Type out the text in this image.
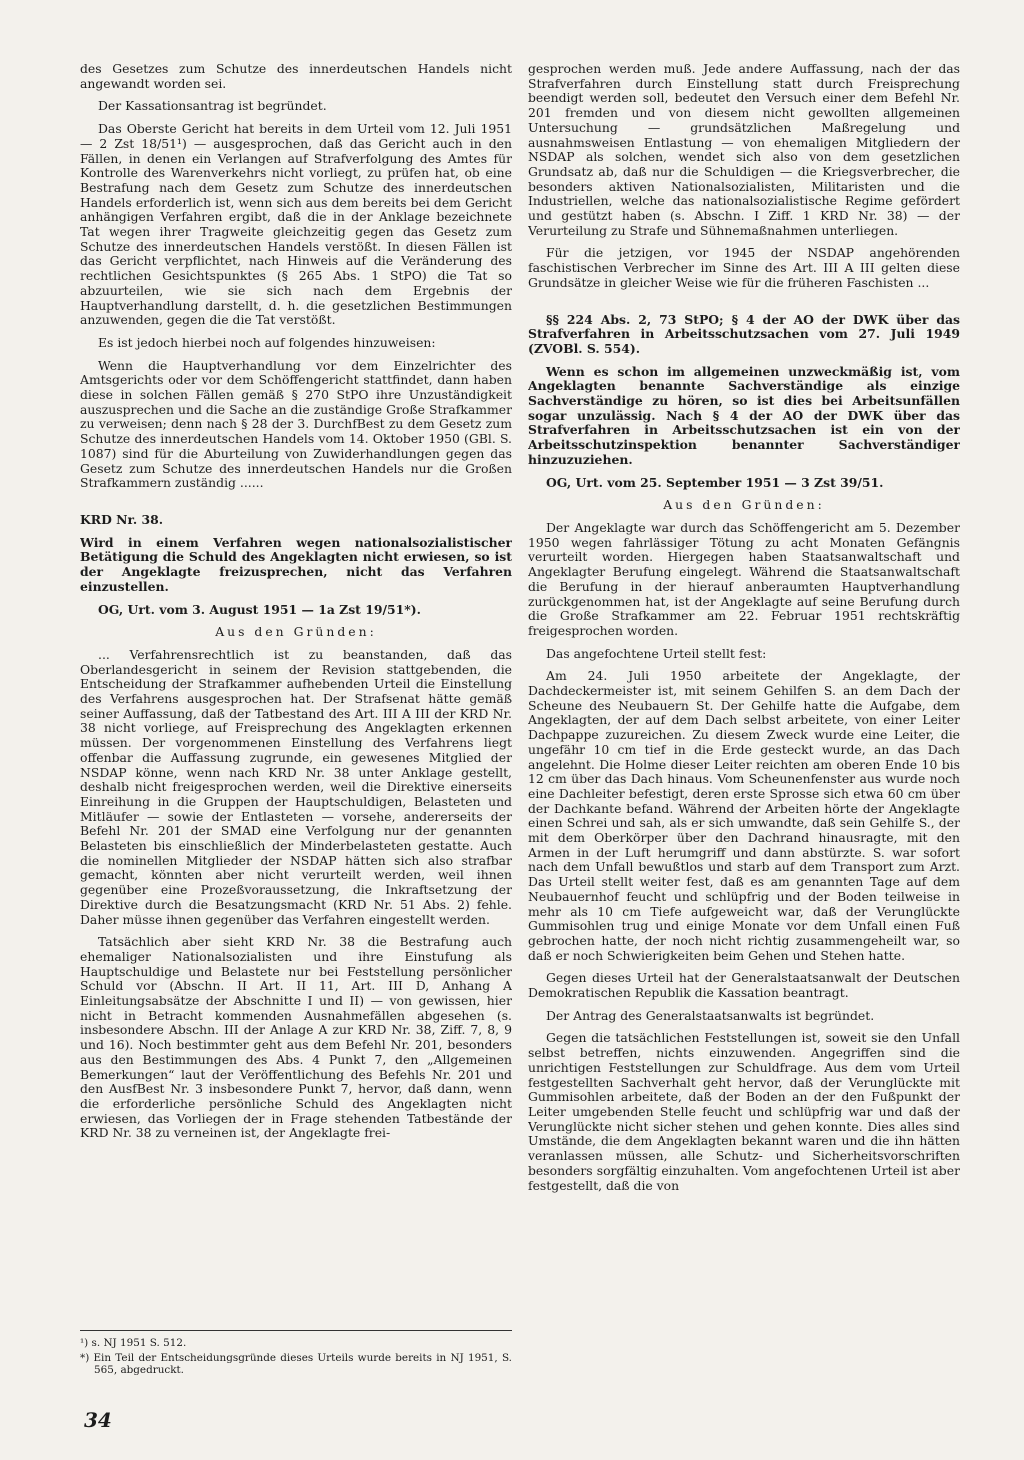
des Gesetzes zum Schutze des innerdeutschen Handels nicht angewandt worden sei.

Der Kassationsantrag ist begründet.

Das Oberste Gericht hat bereits in dem Urteil vom 12. Juli 1951 — 2 Zst 18/51¹) — ausgesprochen, daß das Gericht auch in den Fällen, in denen ein Verlangen auf Strafverfolgung des Amtes für Kontrolle des Warenverkehrs nicht vorliegt, zu prüfen hat, ob eine Bestrafung nach dem Gesetz zum Schutze des innerdeutschen Handels erforderlich ist, wenn sich aus dem bereits bei dem Gericht anhängigen Verfahren ergibt, daß die in der Anklage bezeichnete Tat wegen ihrer Tragweite gleichzeitig gegen das Gesetz zum Schutze des innerdeutschen Handels verstößt. In diesen Fällen ist das Gericht verpflichtet, nach Hinweis auf die Veränderung des rechtlichen Gesichtspunktes (§ 265 Abs. 1 StPO) die Tat so abzuurteilen, wie sie sich nach dem Ergebnis der Hauptverhandlung darstellt, d. h. die gesetzlichen Bestimmungen anzuwenden, gegen die die Tat verstößt.

Es ist jedoch hierbei noch auf folgendes hinzuweisen:

Wenn die Hauptverhandlung vor dem Einzelrichter des Amtsgerichts oder vor dem Schöffengericht stattfindet, dann haben diese in solchen Fällen gemäß § 270 StPO ihre Unzuständigkeit auszusprechen und die Sache an die zuständige Große Strafkammer zu verweisen; denn nach § 28 der 3. DurchfBest zu dem Gesetz zum Schutze des innerdeutschen Handels vom 14. Oktober 1950 (GBl. S. 1087) sind für die Aburteilung von Zuwiderhandlungen gegen das Gesetz zum Schutze des innerdeutschen Handels nur die Großen Strafkammern zuständig ......

KRD Nr. 38.

Wird in einem Verfahren wegen nationalsozialistischer Betätigung die Schuld des Angeklagten nicht erwiesen, so ist der Angeklagte freizusprechen, nicht das Verfahren einzustellen.

OG, Urt. vom 3. August 1951 — 1a Zst 19/51*).

Aus den Gründen:

... Verfahrensrechtlich ist zu beanstanden, daß das Oberlandesgericht in seinem der Revision stattgebenden, die Entscheidung der Strafkammer aufhebenden Urteil die Einstellung des Verfahrens ausgesprochen hat. Der Strafsenat hätte gemäß seiner Auffassung, daß der Tatbestand des Art. III A III der KRD Nr. 38 nicht vorliege, auf Freisprechung des Angeklagten erkennen müssen. Der vorgenommenen Einstellung des Verfahrens liegt offenbar die Auffassung zugrunde, ein gewesenes Mitglied der NSDAP könne, wenn nach KRD Nr. 38 unter Anklage gestellt, deshalb nicht freigesprochen werden, weil die Direktive einerseits Einreihung in die Gruppen der Hauptschuldigen, Belasteten und Mitläufer — sowie der Entlasteten — vorsehe, andererseits der Befehl Nr. 201 der SMAD eine Verfolgung nur der genannten Belasteten bis einschließlich der Minderbelasteten gestatte. Auch die nominellen Mitglieder der NSDAP hätten sich also strafbar gemacht, könnten aber nicht verurteilt werden, weil ihnen gegenüber eine Prozeßvoraussetzung, die Inkraftsetzung der Direktive durch die Besatzungsmacht (KRD Nr. 51 Abs. 2) fehle. Daher müsse ihnen gegenüber das Verfahren eingestellt werden.

Tatsächlich aber sieht KRD Nr. 38 die Bestrafung auch ehemaliger Nationalsozialisten und ihre Einstufung als Hauptschuldige und Belastete nur bei Feststellung persönlicher Schuld vor (Abschn. II Art. II 11, Art. III D, Anhang A Einleitungsabsätze der Abschnitte I und II) — von gewissen, hier nicht in Betracht kommenden Ausnahmefällen abgesehen (s. insbesondere Abschn. III der Anlage A zur KRD Nr. 38, Ziff. 7, 8, 9 und 16). Noch bestimmter geht aus dem Befehl Nr. 201, besonders aus den Bestimmungen des Abs. 4 Punkt 7, den „Allgemeinen Bemerkungen“ laut der Veröffentlichung des Befehls Nr. 201 und den AusfBest Nr. 3 insbesondere Punkt 7, hervor, daß dann, wenn die erforderliche persönliche Schuld des Angeklagten nicht erwiesen, das Vorliegen der in Frage stehenden Tatbestände der KRD Nr. 38 zu verneinen ist, der Angeklagte frei-

gesprochen werden muß. Jede andere Auffassung, nach der das Strafverfahren durch Einstellung statt durch Freisprechung beendigt werden soll, bedeutet den Versuch einer dem Befehl Nr. 201 fremden und von diesem nicht gewollten allgemeinen Untersuchung — grundsätzlichen Maßregelung und ausnahmsweisen Entlastung — von ehemaligen Mitgliedern der NSDAP als solchen, wendet sich also von dem gesetzlichen Grundsatz ab, daß nur die Schuldigen — die Kriegsverbrecher, die besonders aktiven Nationalsozialisten, Militaristen und die Industriellen, welche das nationalsozialistische Regime gefördert und gestützt haben (s. Abschn. I Ziff. 1 KRD Nr. 38) — der Verurteilung zu Strafe und Sühnemaßnahmen unterliegen.

Für die jetzigen, vor 1945 der NSDAP angehörenden faschistischen Verbrecher im Sinne des Art. III A III gelten diese Grundsätze in gleicher Weise wie für die früheren Faschisten ...

§§ 224 Abs. 2, 73 StPO; § 4 der AO der DWK über das Strafverfahren in Arbeitsschutzsachen vom 27. Juli 1949 (ZVOBl. S. 554).

Wenn es schon im allgemeinen unzweckmäßig ist, vom Angeklagten benannte Sachverständige als einzige Sachverständige zu hören, so ist dies bei Arbeitsunfällen sogar unzulässig. Nach § 4 der AO der DWK über das Strafverfahren in Arbeitsschutzsachen ist ein von der Arbeitsschutzinspektion benannter Sachverständiger hinzuzuziehen.

OG, Urt. vom 25. September 1951 — 3 Zst 39/51.

Aus den Gründen:

Der Angeklagte war durch das Schöffengericht am 5. Dezember 1950 wegen fahrlässiger Tötung zu acht Monaten Gefängnis verurteilt worden. Hiergegen haben Staatsanwaltschaft und Angeklagter Berufung eingelegt. Während die Staatsanwaltschaft die Berufung in der hierauf anberaumten Hauptverhandlung zurückgenommen hat, ist der Angeklagte auf seine Berufung durch die Große Strafkammer am 22. Februar 1951 rechtskräftig freigesprochen worden.

Das angefochtene Urteil stellt fest:

Am 24. Juli 1950 arbeitete der Angeklagte, der Dachdeckermeister ist, mit seinem Gehilfen S. an dem Dach der Scheune des Neubauern St. Der Gehilfe hatte die Aufgabe, dem Angeklagten, der auf dem Dach selbst arbeitete, von einer Leiter Dachpappe zuzureichen. Zu diesem Zweck wurde eine Leiter, die ungefähr 10 cm tief in die Erde gesteckt wurde, an das Dach angelehnt. Die Holme dieser Leiter reichten am oberen Ende 10 bis 12 cm über das Dach hinaus. Vom Scheunenfenster aus wurde noch eine Dachleiter befestigt, deren erste Sprosse sich etwa 60 cm über der Dachkante befand. Während der Arbeiten hörte der Angeklagte einen Schrei und sah, als er sich umwandte, daß sein Gehilfe S., der mit dem Oberkörper über den Dachrand hinausragte, mit den Armen in der Luft herumgriff und dann abstürzte. S. war sofort nach dem Unfall bewußtlos und starb auf dem Transport zum Arzt. Das Urteil stellt weiter fest, daß es am genannten Tage auf dem Neubauernhof feucht und schlüpfrig und der Boden teilweise in mehr als 10 cm Tiefe aufgeweicht war, daß der Verunglückte Gummisohlen trug und einige Monate vor dem Unfall einen Fuß gebrochen hatte, der noch nicht richtig zusammengeheilt war, so daß er noch Schwierigkeiten beim Gehen und Stehen hatte.

Gegen dieses Urteil hat der Generalstaatsanwalt der Deutschen Demokratischen Republik die Kassation beantragt.

Der Antrag des Generalstaatsanwalts ist begründet.

Gegen die tatsächlichen Feststellungen ist, soweit sie den Unfall selbst betreffen, nichts einzuwenden. Angegriffen sind die unrichtigen Feststellungen zur Schuldfrage. Aus dem vom Urteil festgestellten Sachverhalt geht hervor, daß der Verunglückte mit Gummisohlen arbeitete, daß der Boden an der den Fußpunkt der Leiter umgebenden Stelle feucht und schlüpfrig war und daß der Verunglückte nicht sicher stehen und gehen konnte. Dies alles sind Umstände, die dem Angeklagten bekannt waren und die ihn hätten veranlassen müssen, alle Schutz- und Sicherheitsvorschriften besonders sorgfältig einzuhalten. Vom angefochtenen Urteil ist aber festgestellt, daß die von

¹) s. NJ 1951 S. 512.

*) Ein Teil der Entscheidungsgründe dieses Urteils wurde bereits in NJ 1951, S. 565, abgedruckt.

34
